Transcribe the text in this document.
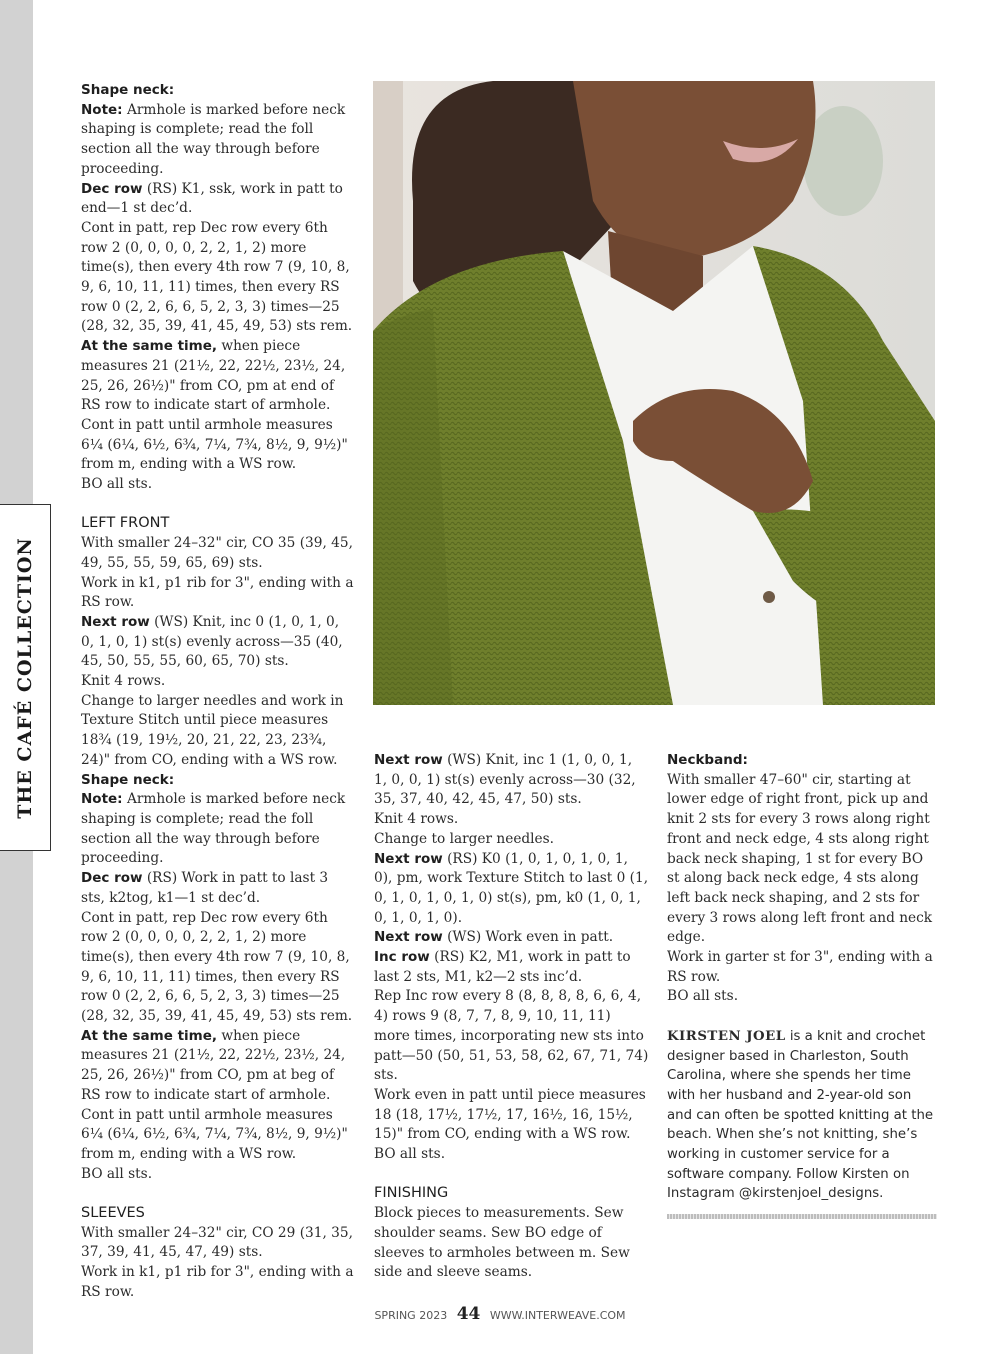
THE CAFÉ COLLECTION

Shape neck:

Note: Armhole is marked before neck shaping is complete; read the foll section all the way through before proceeding.

Dec row (RS) K1, ssk, work in patt to end—1 st dec’d.

Cont in patt, rep Dec row every 6th row 2 (0, 0, 0, 0, 2, 2, 1, 2) more time(s), then every 4th row 7 (9, 10, 8, 9, 6, 10, 11, 11) times, then every RS row 0 (2, 2, 6, 6, 5, 2, 3, 3) times—25 (28, 32, 35, 39, 41, 45, 49, 53) sts rem.

At the same time, when piece measures 21 (21½, 22, 22½, 23½, 24, 25, 26, 26½)" from CO, pm at end of RS row to indicate start of armhole.

Cont in patt until armhole measures 6¼ (6¼, 6½, 6¾, 7¼, 7¾, 8½, 9, 9½)" from m, ending with a WS row.

BO all sts.

LEFT FRONT

With smaller 24–32" cir, CO 35 (39, 45, 49, 55, 55, 59, 65, 69) sts.

Work in k1, p1 rib for 3", ending with a RS row.

Next row (WS) Knit, inc 0 (1, 0, 1, 0, 0, 1, 0, 1) st(s) evenly across—35 (40, 45, 50, 55, 55, 60, 65, 70) sts.

Knit 4 rows.

Change to larger needles and work in Texture Stitch until piece measures 18¾ (19, 19½, 20, 21, 22, 23, 23¾, 24)" from CO, ending with a WS row.

Shape neck:

Note: Armhole is marked before neck shaping is complete; read the foll section all the way through before proceeding.

Dec row (RS) Work in patt to last 3 sts, k2tog, k1—1 st dec’d.

Cont in patt, rep Dec row every 6th row 2 (0, 0, 0, 0, 2, 2, 1, 2) more time(s), then every 4th row 7 (9, 10, 8, 9, 6, 10, 11, 11) times, then every RS row 0 (2, 2, 6, 6, 5, 2, 3, 3) times—25 (28, 32, 35, 39, 41, 45, 49, 53) sts rem.

At the same time, when piece measures 21 (21½, 22, 22½, 23½, 24, 25, 26, 26½)" from CO, pm at beg of RS row to indicate start of armhole.

Cont in patt until armhole measures 6¼ (6¼, 6½, 6¾, 7¼, 7¾, 8½, 9, 9½)" from m, ending with a WS row.

BO all sts.

SLEEVES

With smaller 24–32" cir, CO 29 (31, 35, 37, 39, 41, 45, 47, 49) sts.

Work in k1, p1 rib for 3", ending with a RS row.

Next row (WS) Knit, inc 1 (1, 0, 0, 1, 1, 0, 0, 1) st(s) evenly across—30 (32, 35, 37, 40, 42, 45, 47, 50) sts.

Knit 4 rows.

Change to larger needles.

Next row (RS) K0 (1, 0, 1, 0, 1, 0, 1, 0), pm, work Texture Stitch to last 0 (1, 0, 1, 0, 1, 0, 1, 0) st(s), pm, k0 (1, 0, 1, 0, 1, 0, 1, 0).

Next row (WS) Work even in patt.

Inc row (RS) K2, M1, work in patt to last 2 sts, M1, k2—2 sts inc’d.

Rep Inc row every 8 (8, 8, 8, 8, 6, 6, 4, 4) rows 9 (8, 7, 7, 8, 9, 10, 11, 11) more times, incorporating new sts into patt—50 (50, 51, 53, 58, 62, 67, 71, 74) sts.

Work even in patt until piece measures 18 (18, 17½, 17½, 17, 16½, 16, 15½, 15)" from CO, ending with a WS row. BO all sts.

FINISHING

Block pieces to measurements. Sew shoulder seams. Sew BO edge of sleeves to armholes between m. Sew side and sleeve seams.

Neckband:

With smaller 47–60" cir, starting at lower edge of right front, pick up and knit 2 sts for every 3 rows along right front and neck edge, 4 sts along right back neck shaping, 1 st for every BO st along back neck edge, 4 sts along left back neck shaping, and 2 sts for every 3 rows along left front and neck edge.

Work in garter st for 3", ending with a RS row.

BO all sts.

KIRSTEN JOEL is a knit and crochet designer based in Charleston, South Carolina, where she spends her time with her husband and 2-year-old son and can often be spotted knitting at the beach. When she’s not knitting, she’s working in customer service for a software company. Follow Kirsten on Instagram @kirstenjoel_designs.

SPRING 2023 44 WWW.INTERWEAVE.COM
